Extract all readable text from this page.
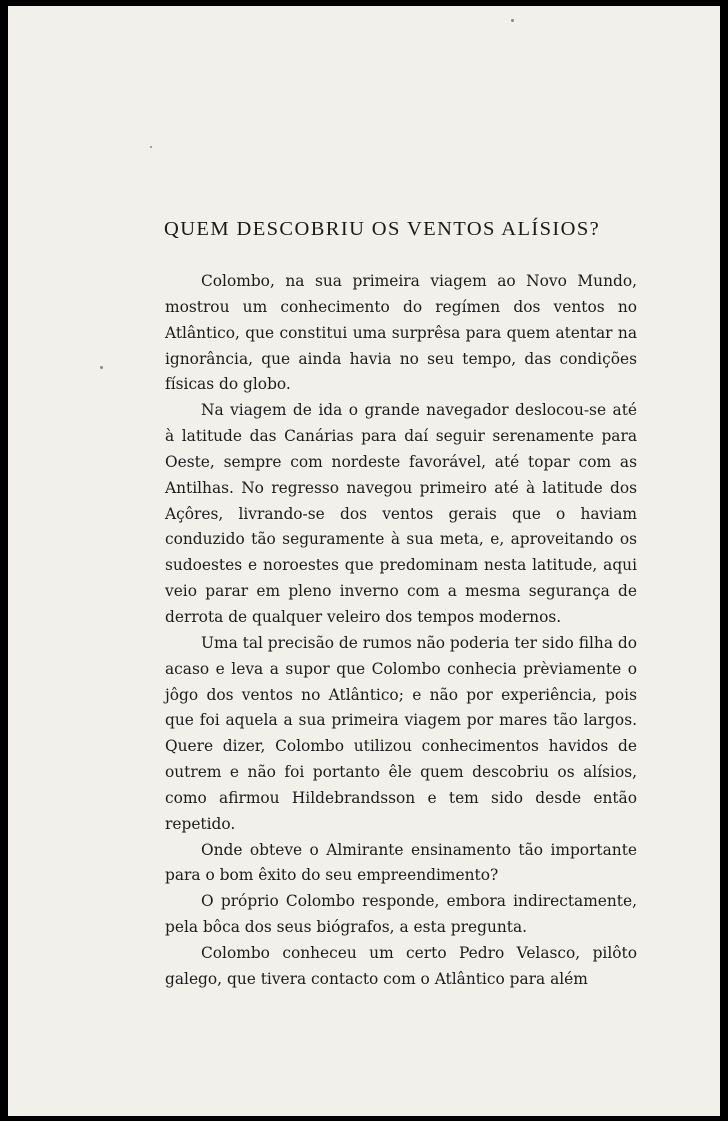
QUEM DESCOBRIU OS VENTOS ALÍSIOS?

Colombo, na sua primeira viagem ao Novo Mundo, mostrou um conhecimento do regímen dos ventos no Atlântico, que constitui uma surprêsa para quem atentar na ignorância, que ainda havia no seu tempo, das condições físicas do globo.

Na viagem de ida o grande navegador deslocou-se até à latitude das Canárias para daí seguir serenamente para Oeste, sempre com nordeste favorável, até topar com as Antilhas. No regresso navegou primeiro até à latitude dos Açôres, livrando-se dos ventos gerais que o haviam conduzido tão seguramente à sua meta, e, aproveitando os sudoestes e noroestes que predominam nesta latitude, aqui veio parar em pleno inverno com a mesma segurança de derrota de qualquer veleiro dos tempos modernos.

Uma tal precisão de rumos não poderia ter sido filha do acaso e leva a supor que Colombo conhecia prèviamente o jôgo dos ventos no Atlântico; e não por experiência, pois que foi aquela a sua primeira viagem por mares tão largos. Quere dizer, Colombo utilizou conhecimentos havidos de outrem e não foi portanto êle quem descobriu os alísios, como afirmou Hildebrandsson e tem sido desde então repetido.

Onde obteve o Almirante ensinamento tão importante para o bom êxito do seu empreendimento?

O próprio Colombo responde, embora indirectamente, pela bôca dos seus biógrafos, a esta pregunta.

Colombo conheceu um certo Pedro Velasco, pilôto galego, que tivera contacto com o Atlântico para além
